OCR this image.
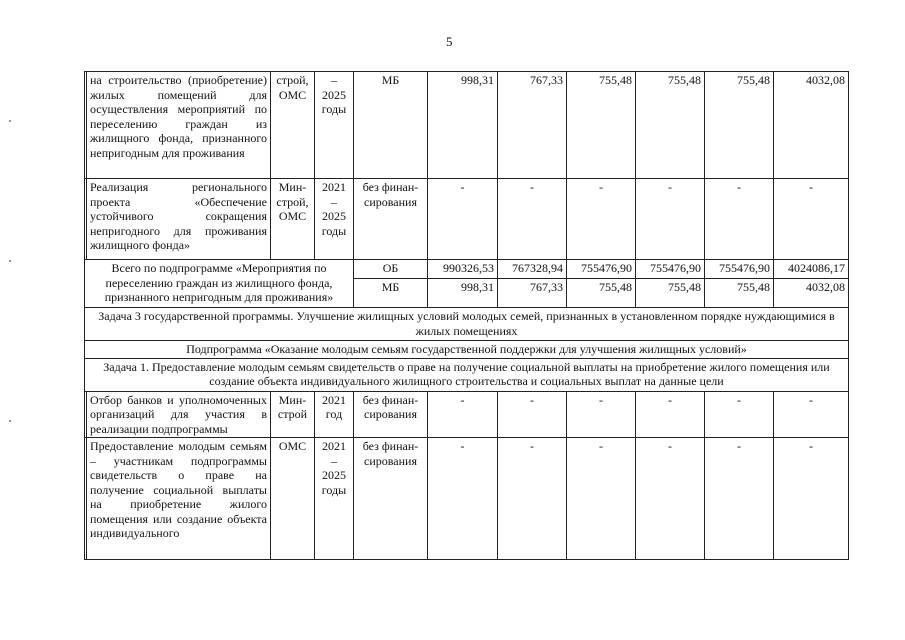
5
	на строительство (приобретение) жилых помещений для осуществления мероприятий по переселению граждан из жилищного фонда, признанного непригодным для проживания	строй, ОМС	– 2025 годы	МБ	998,31	767,33	755,48	755,48	755,48	4032,08
	Реализация регионального проекта «Обеспечение устойчивого сокращения непригодного для проживания жилищного фонда»	Мин-строй, ОМС	2021 – 2025 годы	без финан-сирования	-	-	-	-	-	-
Всего по подпрограмме «Мероприятия по переселению граждан из жилищного фонда, признанного непригодным для проживания»				ОБ	990326,53	767328,94	755476,90	755476,90	755476,90	4024086,17
				МБ	998,31	767,33	755,48	755,48	755,48	4032,08
Задача 3 государственной программы. Улучшение жилищных условий молодых семей, признанных в установленном порядке нуждающимися в жилых помещениях										
Подпрограмма «Оказание молодым семьям государственной поддержки для улучшения жилищных условий»										
Задача 1. Предоставление молодым семьям свидетельств о праве на получение социальной выплаты на приобретение жилого помещения или создание объекта индивидуального жилищного строительства и социальных выплат на данные цели										
	Отбор банков и уполномоченных организаций для участия в реализации подпрограммы	Мин-строй	2021 год	без финан-сирования	-	-	-	-	-	-
	Предоставление молодым семьям – участникам подпрограммы свидетельств о праве на получение социальной выплаты на приобретение жилого помещения или создание объекта индивидуального	ОМС	2021 – 2025 годы	без финан-сирования	-	-	-	-	-	-
